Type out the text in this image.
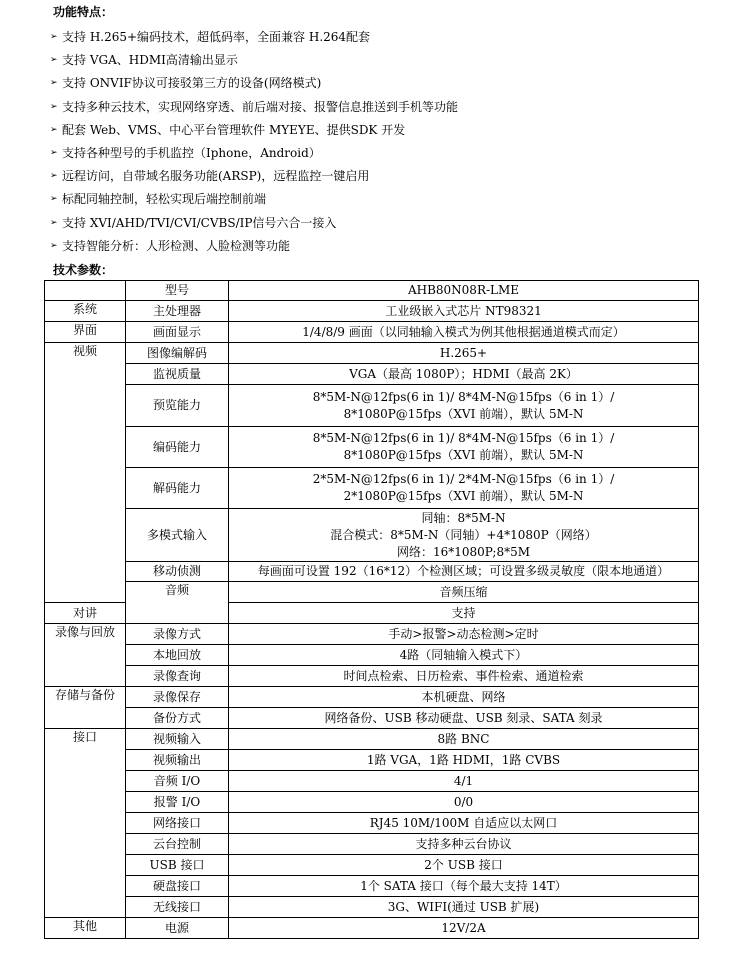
功能特点：
➢ 支持 H.265+编码技术，超低码率，全面兼容 H.264配套
➢ 支持 VGA、HDMI高清输出显示
➢ 支持 ONVIF协议可接驳第三方的设备(网络模式)
➢ 支持多种云技术，实现网络穿透、前后端对接、报警信息推送到手机等功能
➢ 配套 Web、VMS、中心平台管理软件 MYEYE、提供SDK 开发
➢ 支持各种型号的手机监控（Iphone，Android）
➢ 远程访问，自带域名服务功能(ARSP)，远程监控一键启用
➢ 标配同轴控制，轻松实现后端控制前端
➢ 支持 XVI/AHD/TVI/CVI/CVBS/IP信号六合一接入
➢ 支持智能分析：人形检测、人脸检测等功能
技术参数：
	型号	AHB80N08R-LME	
系统	主处理器	工业级嵌入式芯片 NT98321	
界面	画面显示	1/4/8/9 画面（以同轴输入模式为例其他根据通道模式而定）	
视频	图像编解码	H.265+	
	监视质量	VGA（最高 1080P）；HDMI（最高 2K）	
	预览能力	8*5M-N@12fps(6 in 1)/ 8*4M-N@15fps（6 in 1）/
8*1080P@15fps（XVI 前端），默认 5M-N	
	编码能力	8*5M-N@12fps(6 in 1)/ 8*4M-N@15fps（6 in 1）/
8*1080P@15fps（XVI 前端），默认 5M-N	
	解码能力	2*5M-N@12fps(6 in 1)/ 2*4M-N@15fps（6 in 1）/
2*1080P@15fps（XVI 前端），默认 5M-N	
	多模式输入	同轴：8*5M-N
混合模式：8*5M-N（同轴）+4*1080P（网络）
网络：16*1080P;8*5M	
	移动侦测	每画面可设置 192（16*12）个检测区域；可设置多级灵敏度（限本地通道）	
	音频	音频压缩	
对讲		支持	
录像与回放	录像方式	手动>报警>动态检测>定时	
	本地回放	4路（同轴输入模式下）	
	录像查询	时间点检索、日历检索、事件检索、通道检索	
存储与备份	录像保存	本机硬盘、网络	
	备份方式	网络备份、USB 移动硬盘、USB 刻录、SATA 刻录	
接口	视频输入	8路 BNC	
	视频输出	1路 VGA，1路 HDMI，1路 CVBS	
	音频 I/O	4/1	
	报警 I/O	0/0	
	网络接口	RJ45 10M/100M 自适应以太网口	
	云台控制	支持多种云台协议	
	USB 接口	2个 USB 接口	
	硬盘接口	1个 SATA 接口（每个最大支持 14T）	
	无线接口	3G、WIFI(通过 USB 扩展)	
其他	电源	12V/2A	
